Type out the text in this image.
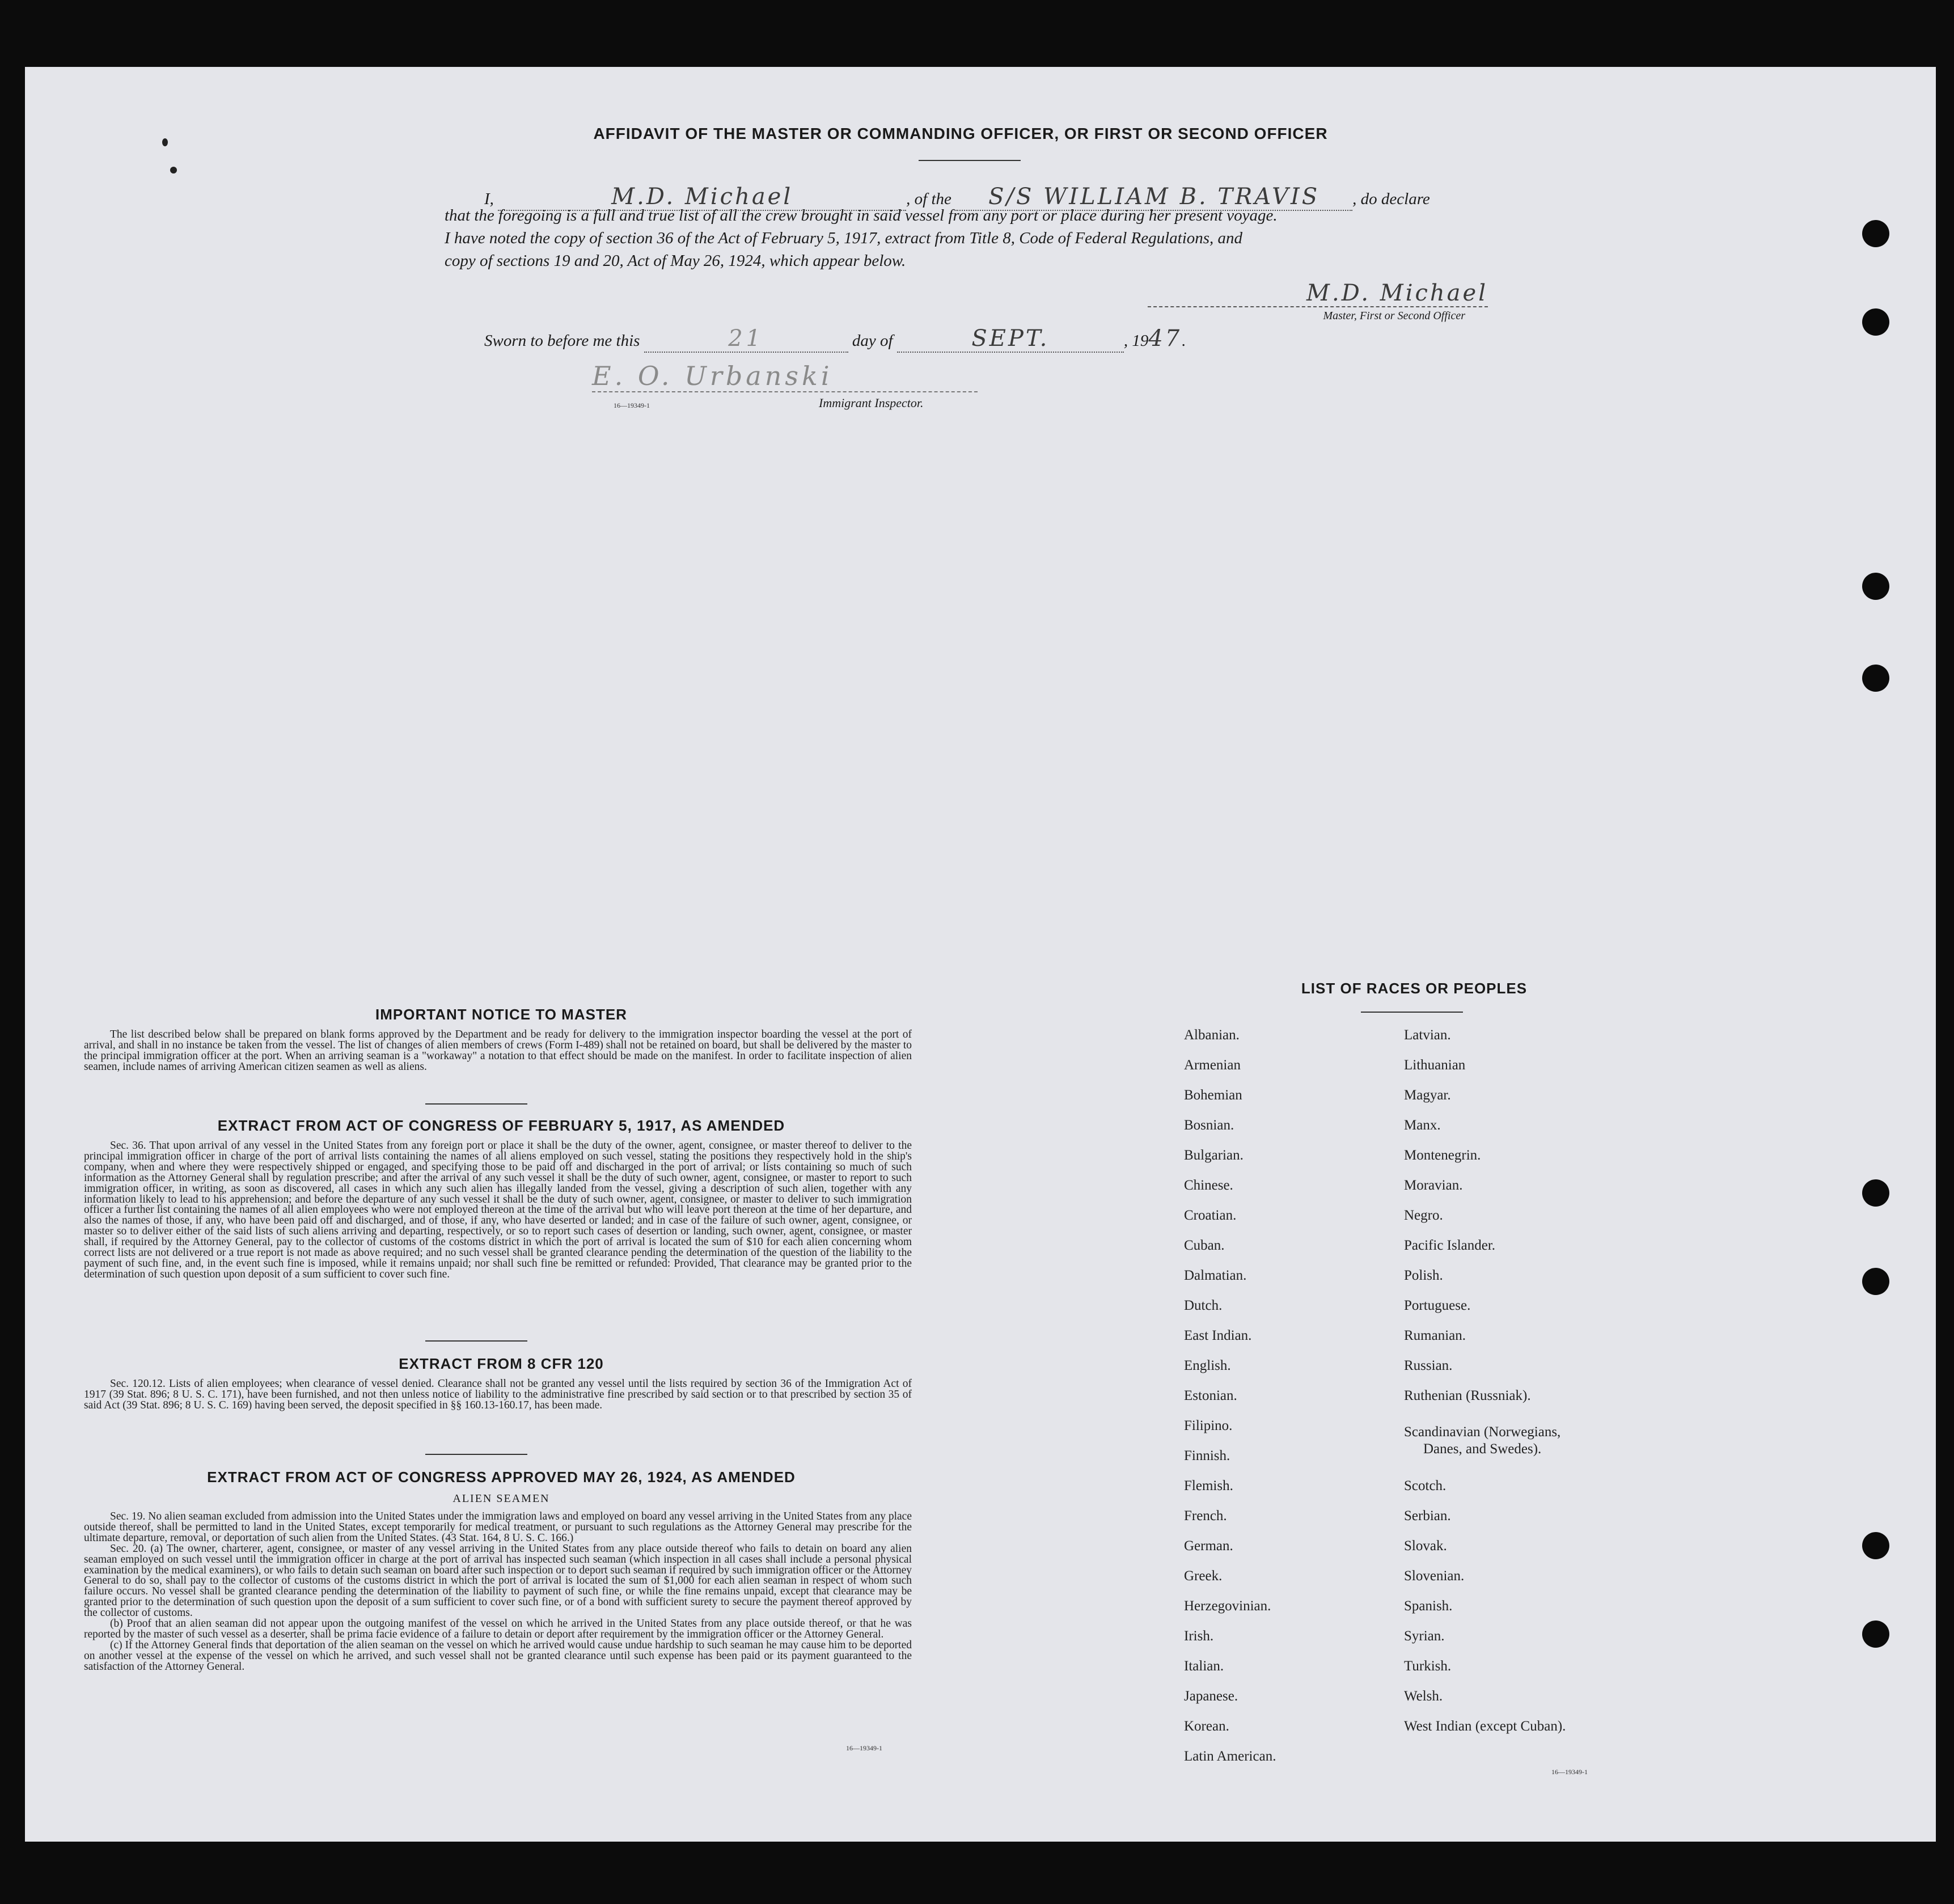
AFFIDAVIT OF THE MASTER OR COMMANDING OFFICER, OR FIRST OR SECOND OFFICER
I,	M.D. Michael	, of the S/S WILLIAM B. TRAVIS , do declare
that the foregoing is a full and true list of all the crew brought in said vessel from any port or place during her present voyage.
I have noted the copy of section 36 of the Act of February 5, 1917, extract from Title 8, Code of Federal Regulations, and
copy of sections 19 and 20, Act of May 26, 1924, which appear below.
M.D. Michael
Master, First or Second Officer
Sworn to before me this	21	day of	SEPT.	, 1947.
E. O. Urbanski
16—19349-1	Immigrant Inspector.
IMPORTANT NOTICE TO MASTER

The list described below shall be prepared on blank forms approved by the Department and be ready for delivery to the immigration inspector boarding the vessel at the port of arrival, and shall in no instance be taken from the vessel. The list of changes of alien members of crews (Form I-489) shall not be retained on board, but shall be delivered by the master to the principal immigration officer at the port. When an arriving seaman is a "workaway" a notation to that effect should be made on the manifest. In order to facilitate inspection of alien seamen, include names of arriving American citizen seamen as well as aliens.

EXTRACT FROM ACT OF CONGRESS OF FEBRUARY 5, 1917, AS AMENDED

Sec. 36. That upon arrival of any vessel in the United States from any foreign port or place it shall be the duty of the owner, agent, consignee, or master thereof to deliver to the principal immigration officer in charge of the port of arrival lists containing the names of all aliens employed on such vessel, stating the positions they respectively hold in the ship's company, when and where they were respectively shipped or engaged, and specifying those to be paid off and discharged in the port of arrival; or lists containing so much of such information as the Attorney General shall by regulation prescribe; and after the arrival of any such vessel it shall be the duty of such owner, agent, consignee, or master to report to such immigration officer, in writing, as soon as discovered, all cases in which any such alien has illegally landed from the vessel, giving a description of such alien, together with any information likely to lead to his apprehension; and before the departure of any such vessel it shall be the duty of such owner, agent, consignee, or master to deliver to such immigration officer a further list containing the names of all alien employees who were not employed thereon at the time of the arrival but who will leave port thereon at the time of her departure, and also the names of those, if any, who have been paid off and discharged, and of those, if any, who have deserted or landed; and in case of the failure of such owner, agent, consignee, or master so to deliver either of the said lists of such aliens arriving and departing, respectively, or so to report such cases of desertion or landing, such owner, agent, consignee, or master shall, if required by the Attorney General, pay to the collector of customs of the costoms district in which the port of arrival is located the sum of $10 for each alien concerning whom correct lists are not delivered or a true report is not made as above required; and no such vessel shall be granted clearance pending the determination of the question of the liability to the payment of such fine, and, in the event such fine is imposed, while it remains unpaid; nor shall such fine be remitted or refunded: Provided, That clearance may be granted prior to the determination of such question upon deposit of a sum sufficient to cover such fine.

EXTRACT FROM 8 CFR 120

Sec. 120.12. Lists of alien employees; when clearance of vessel denied. Clearance shall not be granted any vessel until the lists required by section 36 of the Immigration Act of 1917 (39 Stat. 896; 8 U. S. C. 171), have been furnished, and not then unless notice of liability to the administrative fine prescribed by said section or to that prescribed by section 35 of said Act (39 Stat. 896; 8 U. S. C. 169) having been served, the deposit specified in §§ 160.13-160.17, has been made.

EXTRACT FROM ACT OF CONGRESS APPROVED MAY 26, 1924, AS AMENDED
ALIEN SEAMEN

Sec. 19. No alien seaman excluded from admission into the United States under the immigration laws and employed on board any vessel arriving in the United States from any place outside thereof, shall be permitted to land in the United States, except temporarily for medical treatment, or pursuant to such regulations as the Attorney General may prescribe for the ultimate departure, removal, or deportation of such alien from the United States. (43 Stat. 164, 8 U. S. C. 166.)

Sec. 20. (a) The owner, charterer, agent, consignee, or master of any vessel arriving in the United States from any place outside thereof who fails to detain on board any alien seaman employed on such vessel until the immigration officer in charge at the port of arrival has inspected such seaman (which inspection in all cases shall include a personal physical examination by the medical examiners), or who fails to detain such seaman on board after such inspection or to deport such seaman if required by such immigration officer or the Attorney General to do so, shall pay to the collector of customs of the customs district in which the port of arrival is located the sum of $1,000 for each alien seaman in respect of whom such failure occurs. No vessel shall be granted clearance pending the determination of the liability to payment of such fine, or while the fine remains unpaid, except that clearance may be granted prior to the determination of such question upon the deposit of a sum sufficient to cover such fine, or of a bond with sufficient surety to secure the payment thereof approved by the collector of customs.

(b) Proof that an alien seaman did not appear upon the outgoing manifest of the vessel on which he arrived in the United States from any place outside thereof, or that he was reported by the master of such vessel as a deserter, shall be prima facie evidence of a failure to detain or deport after requirement by the immigration officer or the Attorney General.

(c) If the Attorney General finds that deportation of the alien seaman on the vessel on which he arrived would cause undue hardship to such seaman he may cause him to be deported on another vessel at the expense of the vessel on which he arrived, and such vessel shall not be granted clearance until such expense has been paid or its payment guaranteed to the satisfaction of the Attorney General.

16—19349-1
LIST OF RACES OR PEOPLES
Albanian.
Armenian
Bohemian
Bosnian.
Bulgarian.
Chinese.
Croatian.
Cuban.
Dalmatian.
Dutch.
East Indian.
English.
Estonian.
Filipino.
Finnish.
Flemish.
French.
German.
Greek.
Herzegovinian.
Irish.
Italian.
Japanese.
Korean.
Latin American.
Latvian.
Lithuanian
Magyar.
Manx.
Montenegrin.
Moravian.
Negro.
Pacific Islander.
Polish.
Portuguese.
Rumanian.
Russian.
Ruthenian (Russniak).
Scandinavian (Norwegians,
Danes, and Swedes).
Scotch.
Serbian.
Slovak.
Slovenian.
Spanish.
Syrian.
Turkish.
Welsh.
West Indian (except Cuban).
16—19349-1
